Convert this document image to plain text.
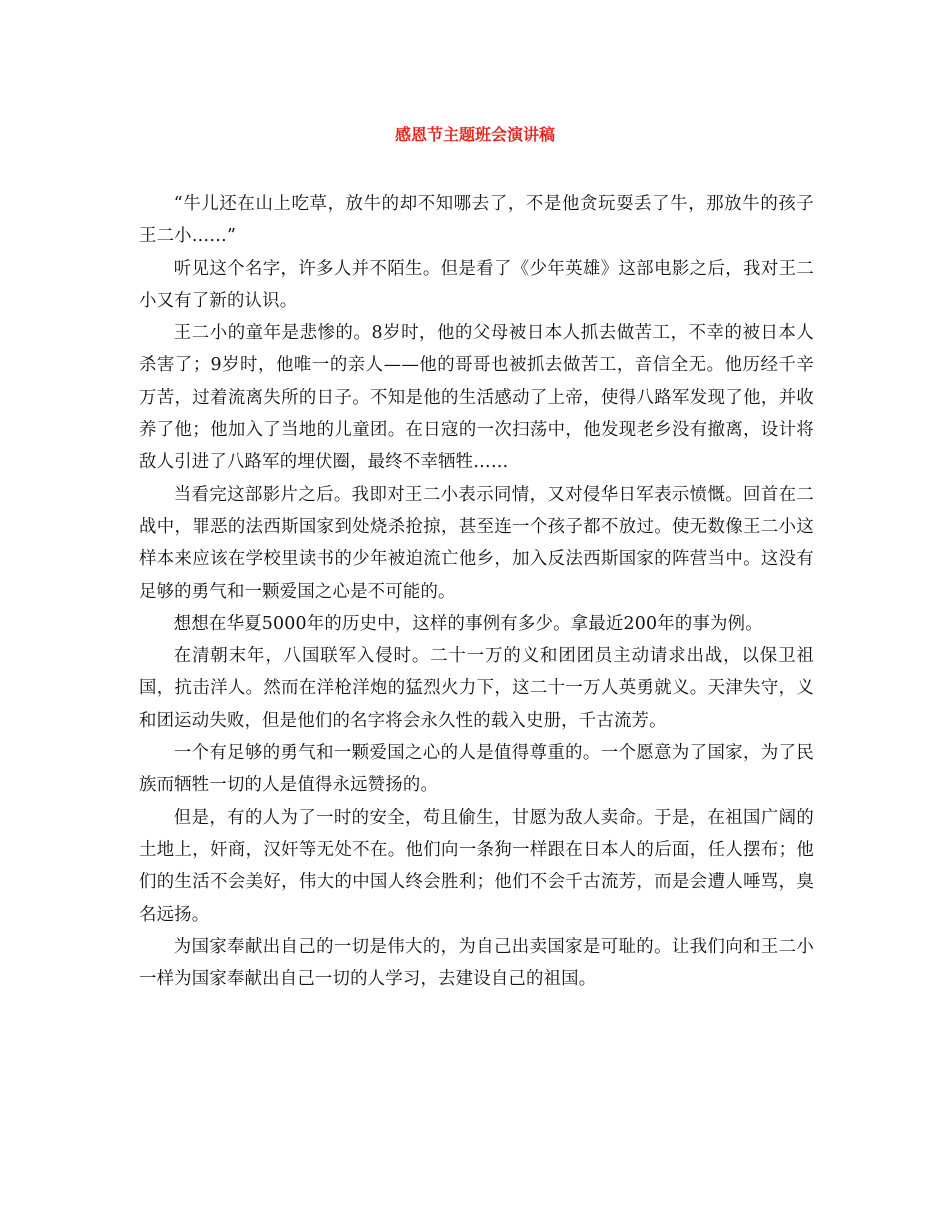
感恩节主题班会演讲稿

“牛儿还在山上吃草，放牛的却不知哪去了，不是他贪玩耍丢了牛，那放牛的孩子王二小……”

听见这个名字，许多人并不陌生。但是看了《少年英雄》这部电影之后，我对王二小又有了新的认识。

王二小的童年是悲惨的。8岁时，他的父母被日本人抓去做苦工，不幸的被日本人杀害了；9岁时，他唯一的亲人——他的哥哥也被抓去做苦工，音信全无。他历经千辛万苦，过着流离失所的日子。不知是他的生活感动了上帝，使得八路军发现了他，并收养了他；他加入了当地的儿童团。在日寇的一次扫荡中，他发现老乡没有撤离，设计将敌人引进了八路军的埋伏圈，最终不幸牺牲……

当看完这部影片之后。我即对王二小表示同情，又对侵华日军表示愤慨。回首在二战中，罪恶的法西斯国家到处烧杀抢掠，甚至连一个孩子都不放过。使无数像王二小这样本来应该在学校里读书的少年被迫流亡他乡，加入反法西斯国家的阵营当中。这没有足够的勇气和一颗爱国之心是不可能的。

想想在华夏5000年的历史中，这样的事例有多少。拿最近200年的事为例。

在清朝末年，八国联军入侵时。二十一万的义和团团员主动请求出战，以保卫祖国，抗击洋人。然而在洋枪洋炮的猛烈火力下，这二十一万人英勇就义。天津失守，义和团运动失败，但是他们的名字将会永久性的载入史册，千古流芳。

一个有足够的勇气和一颗爱国之心的人是值得尊重的。一个愿意为了国家，为了民族而牺牲一切的人是值得永远赞扬的。

但是，有的人为了一时的安全，苟且偷生，甘愿为敌人卖命。于是，在祖国广阔的土地上，奸商，汉奸等无处不在。他们向一条狗一样跟在日本人的后面，任人摆布；他们的生活不会美好，伟大的中国人终会胜利；他们不会千古流芳，而是会遭人唾骂，臭名远扬。

为国家奉献出自己的一切是伟大的，为自己出卖国家是可耻的。让我们向和王二小一样为国家奉献出自己一切的人学习，去建设自己的祖国。
